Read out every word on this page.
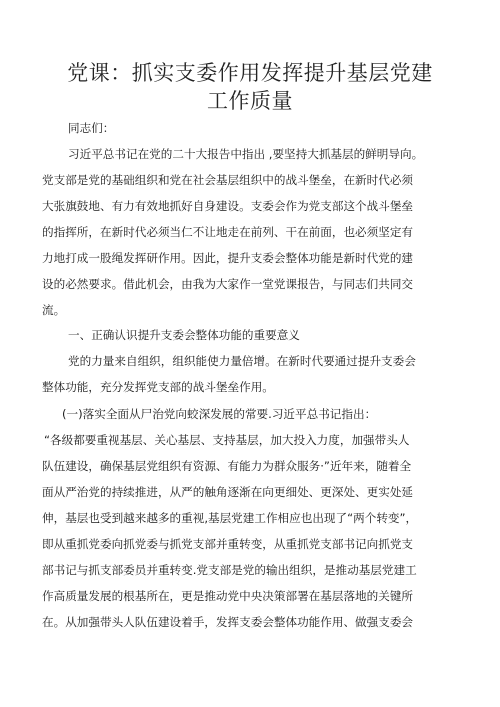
党课：抓实支委作用发挥提升基层党建
工作质量
同志们：
习近平总书记在党的二十大报告中指出 ,要坚持大抓基层的鲜明导向。
党支部是党的基础组织和党在社会基层组织中的战斗堡垒，在新时代必须
大张旗鼓地、有力有效地抓好自身建设。支委会作为党支部这个战斗堡垒
的指挥所，在新时代必须当仁不让地走在前列、干在前面，也必须坚定有
力地打成一股绳发挥研作用。因此，提升支委会整体功能是新时代党的建
设的必然要求。借此机会，由我为大家作一堂党课报告，与同志们共同交
流。
一、正确认识提升支委会整体功能的重要意义
党的力量来自组织，组织能使力量倍增。在新时代要通过提升支委会
整体功能，充分发挥党支部的战斗堡垒作用。
(一)落实全面从尸治党向蛟深发展的常要.习近平总书记指出：
“各级都要重视基层、关心基层、支持基层，加大投入力度，加强带头人
队伍建设，确保基层党组织有资源、有能力为群众服务·”近年来，随着全
面从严治党的持续推进，从严的触角逐渐在向更细处、更深处、更实处延
伸，基层也受到越来越多的重视,基层党建工作相应也出现了“两个转变”，
即从重抓党委向抓党委与抓党支部并重转变，从重抓党支部书记向抓党支
部书记与抓支部委员并重转变.党支部是党的输出组织，是推动基层党建工
作高质量发展的根基所在，更是推动党中央决策部署在基层落地的关键所
在。从加强带头人队伍建设着手，发挥支委会整体功能作用、做强支委会
